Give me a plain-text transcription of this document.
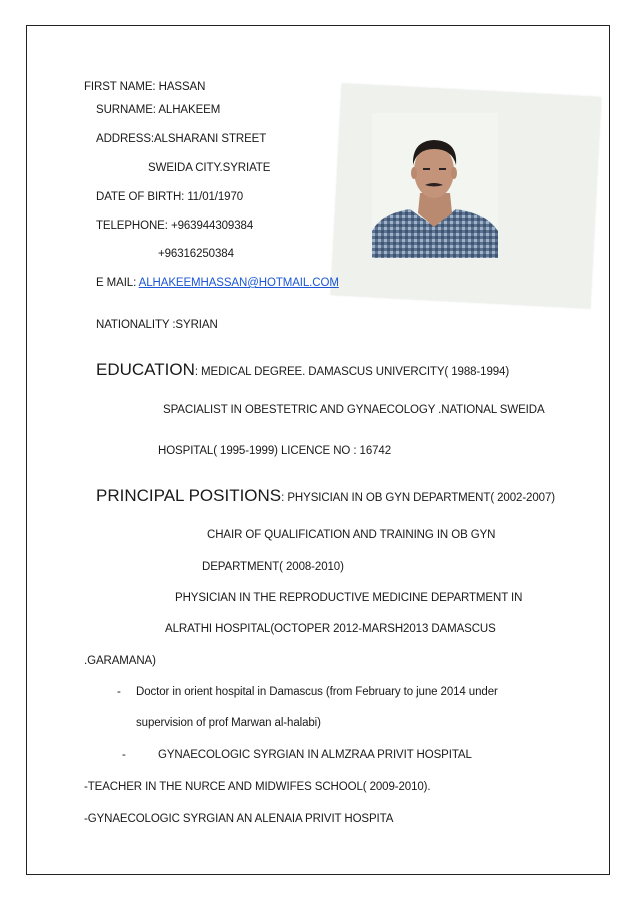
FIRST NAME: HASSAN
SURNAME: ALHAKEEM
ADDRESS:ALSHARANI STREET
SWEIDA CITY.SYRIATE
DATE OF BIRTH: 11/01/1970
TELEPHONE: +963944309384
+96316250384
E MAIL: ALHAKEEMHASSAN@HOTMAIL.COM
NATIONALITY :SYRIAN
EDUCATION: MEDICAL DEGREE. DAMASCUS UNIVERCITY( 1988-1994)
SPACIALIST IN OBESTETRIC AND GYNAECOLOGY .NATIONAL SWEIDA
HOSPITAL( 1995-1999) LICENCE NO : 16742
PRINCIPAL POSITIONS: PHYSICIAN IN OB GYN DEPARTMENT( 2002-2007)
CHAIR OF QUALIFICATION AND TRAINING IN OB GYN
DEPARTMENT( 2008-2010)
PHYSICIAN IN THE REPRODUCTIVE MEDICINE DEPARTMENT IN
ALRATHI HOSPITAL(OCTOPER 2012-MARSH2013 DAMASCUS
.GARAMANA)
- Doctor in orient hospital in Damascus (from February to june 2014 under
supervision of prof Marwan al-halabi)
-	GYNAECOLOGIC SYRGIAN IN ALMZRAA PRIVIT HOSPITAL
-TEACHER IN THE NURCE AND MIDWIFES SCHOOL( 2009-2010).
-GYNAECOLOGIC SYRGIAN AN ALENAIA PRIVIT HOSPITA
